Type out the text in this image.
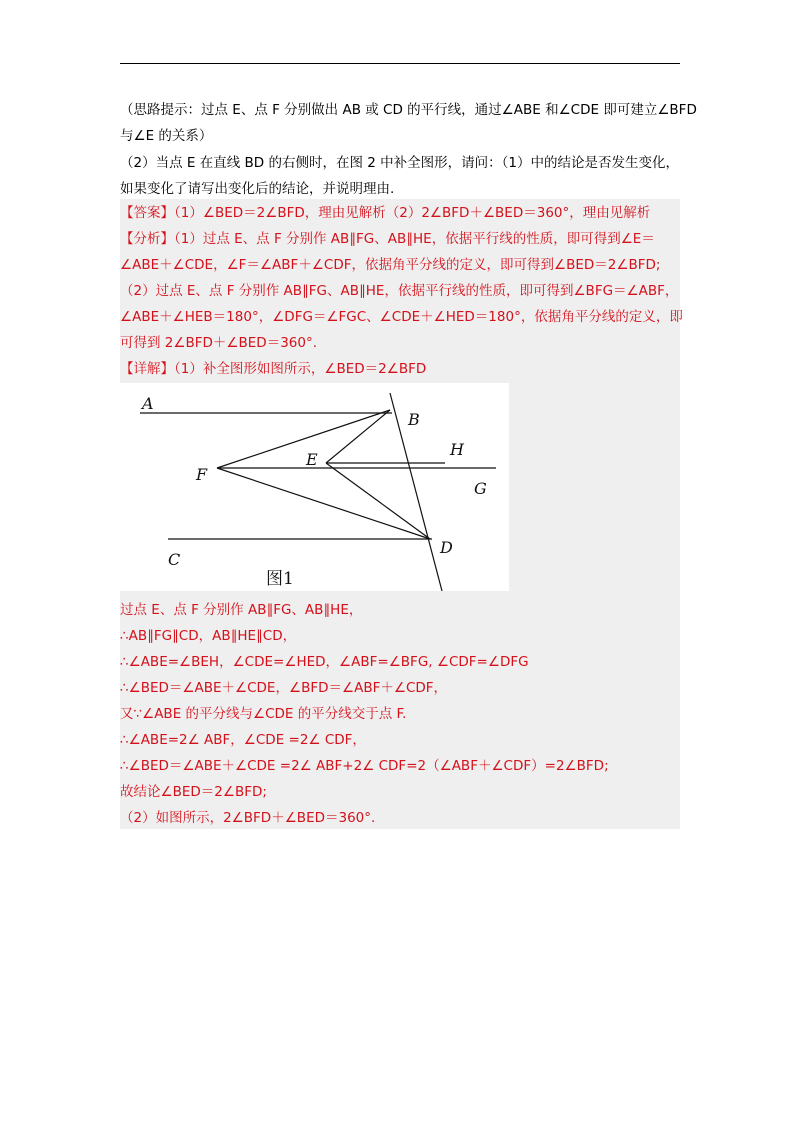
（思路提示：过点 E、点 F 分别做出 AB 或 CD 的平行线，通过∠ABE 和∠CDE 即可建立∠BFD
与∠E 的关系）
（2）当点 E 在直线 BD 的右侧时，在图 2 中补全图形，请问：（1）中的结论是否发生变化，
如果变化了请写出变化后的结论，并说明理由.
【答案】（1）∠BED＝2∠BFD，理由见解析（2）2∠BFD＋∠BED＝360°，理由见解析
【分析】（1）过点 E、点 F 分别作 AB∥FG、AB∥HE，依据平行线的性质，即可得到∠E＝
∠ABE＋∠CDE，∠F＝∠ABF＋∠CDF，依据角平分线的定义，即可得到∠BED＝2∠BFD;
（2）过点 E、点 F 分别作 AB∥FG、AB∥HE，依据平行线的性质，即可得到∠BFG＝∠ABF，
∠ABE＋∠HEB＝180°，∠DFG＝∠FGC、∠CDE＋∠HED＝180°，依据角平分线的定义，即
可得到 2∠BFD＋∠BED＝360°.
【详解】（1）补全图形如图所示，∠BED＝2∠BFD
A
B
H
E
F
G
D
C
图1
过点 E、点 F 分别作 AB∥FG、AB∥HE，
∴AB∥FG∥CD，AB∥HE∥CD，
∴∠ABE=∠BEH，∠CDE=∠HED，∠ABF=∠BFG, ∠CDF=∠DFG
∴∠BED＝∠ABE＋∠CDE，∠BFD＝∠ABF＋∠CDF，
又∵∠ABE 的平分线与∠CDE 的平分线交于点 F.
∴∠ABE=2∠ ABF，∠CDE =2∠ CDF，
∴∠BED＝∠ABE＋∠CDE =2∠ ABF+2∠ CDF=2（∠ABF＋∠CDF）=2∠BFD;
故结论∠BED＝2∠BFD;
（2）如图所示，2∠BFD＋∠BED＝360°.
